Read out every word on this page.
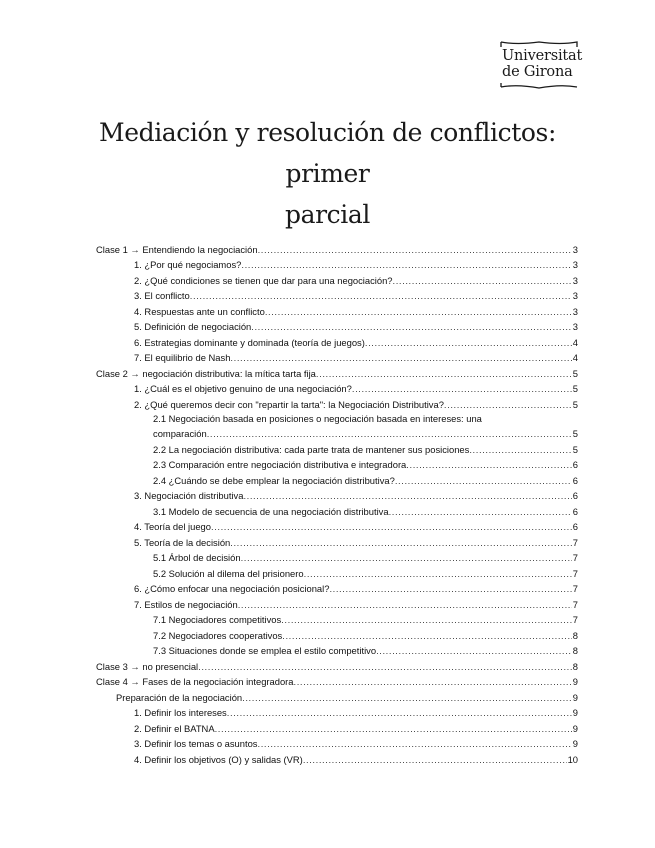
Universitat
de Girona
Mediación y resolución de conflictos: primer
parcial
Clase 1 → Entendiendo la negociación .....	3
1. ¿Por qué negociamos? .....	3
2. ¿Qué condiciones se tienen que dar para una negociación? .....	3
3. El conflicto .....	3
4. Respuestas ante un conflicto .....	3
5. Definición de negociación .....	3
6. Estrategias dominante y dominada (teoría de juegos) .....	4
7. El equilibrio de Nash .....	4
Clase 2 → negociación distributiva: la mítica tarta fija .....	5
1. ¿Cuál es el objetivo genuino de una negociación? .....	5
2. ¿Qué queremos decir con "repartir la tarta": la Negociación Distributiva? .....	5
2.1 Negociación basada en posiciones o negociación basada en intereses: una
comparación .....	5
2.2 La negociación distributiva: cada parte trata de mantener sus posiciones .....	5
2.3 Comparación entre negociación distributiva e integradora .....	6
2.4 ¿Cuándo se debe emplear la negociación distributiva? .....	6
3. Negociación distributiva .....	6
3.1 Modelo de secuencia de una negociación distributiva .....	6
4. Teoría del juego .....	6
5. Teoría de la decisión .....	7
5.1 Árbol de decisión .....	7
5.2 Solución al dilema del prisionero .....	7
6. ¿Cómo enfocar una negociación posicional? .....	7
7. Estilos de negociación .....	7
7.1 Negociadores competitivos .....	7
7.2 Negociadores cooperativos .....	8
7.3 Situaciones donde se emplea el estilo competitivo .....	8
Clase 3 → no presencial .....	8
Clase 4 → Fases de la negociación integradora .....	9
Preparación de la negociación .....	9
1. Definir los intereses .....	9
2. Definir el BATNA .....	9
3. Definir los temas o asuntos .....	9
4. Definir los objetivos (O) y salidas (VR) .....	10
